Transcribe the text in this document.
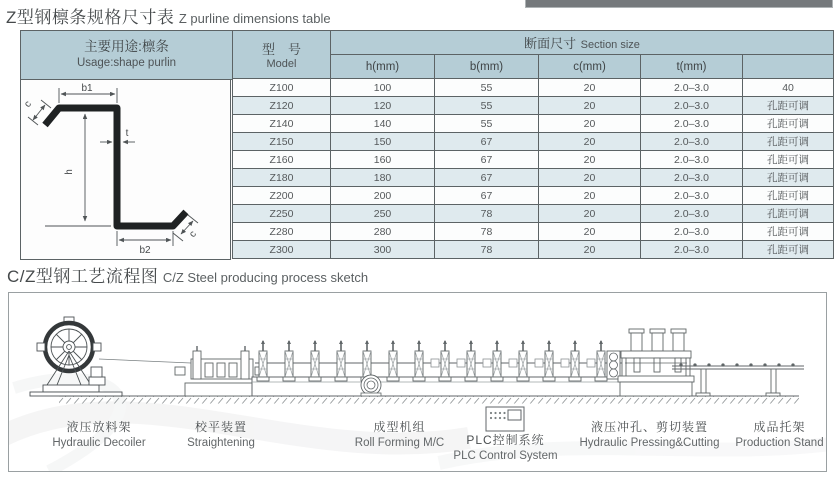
Z型钢檩条规格尺寸表 Z purline dimensions table
主要用途:檩条
Usage:shape purlin
b1
c
h
t
b2
c
型　号
Model	断面尺寸 Section size				
	h(mm)	b(mm)	c(mm)	t(mm)	
Z100	100	55	20	2.0–3.0	40
Z120	120	55	20	2.0–3.0	孔距可调
Z140	140	55	20	2.0–3.0	孔距可调
Z150	150	67	20	2.0–3.0	孔距可调
Z160	160	67	20	2.0–3.0	孔距可调
Z180	180	67	20	2.0–3.0	孔距可调
Z200	200	67	20	2.0–3.0	孔距可调
Z250	250	78	20	2.0–3.0	孔距可调
Z280	280	78	20	2.0–3.0	孔距可调
Z300	300	78	20	2.0–3.0	孔距可调
C/Z型钢工艺流程图 C/Z Steel producing process sketch
液压放料架
Hydraulic Decoiler
校平装置
Straightening
成型机组
Roll Forming M/C	PLC控制系统
PLC Control System
液压冲孔、剪切装置
Hydraulic Pressing&Cutting
成品托架
Production Stand
